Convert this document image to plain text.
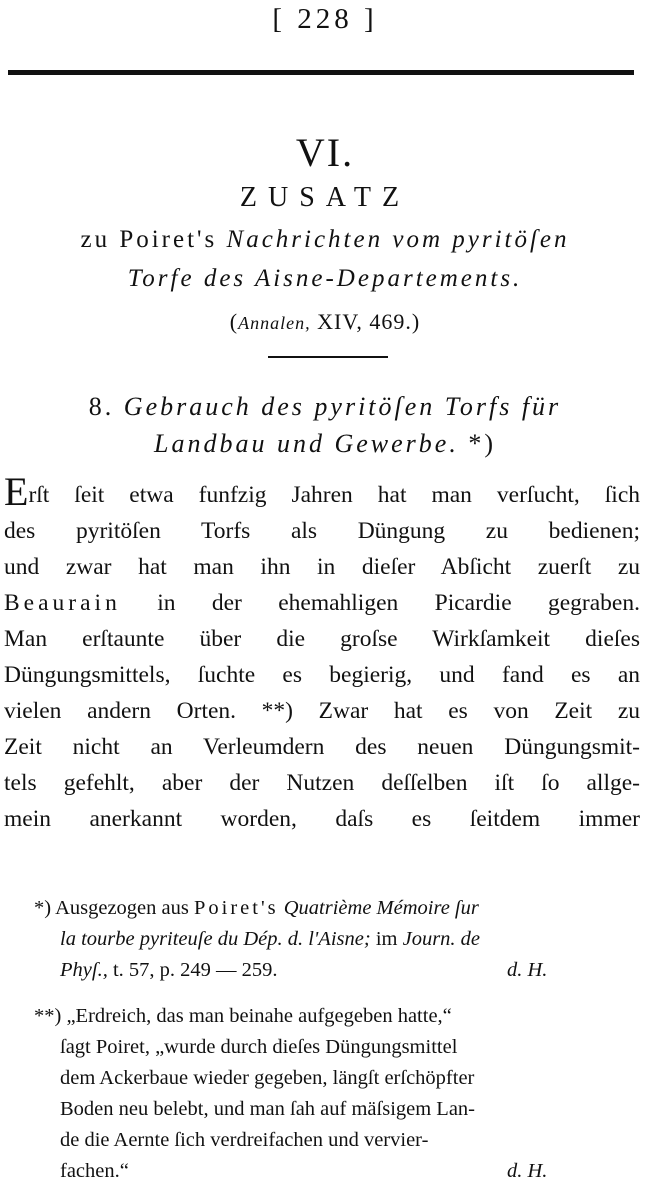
[ 228 ]
VI.
ZUSATZ
zu Poiret's Nachrichten vom pyritöſen
Torfe des Aisne-Departements.
(Annalen, XIV, 469.)
8. Gebrauch des pyritöſen Torfs für
Landbau und Gewerbe. *)
Erſt ſeit etwa funfzig Jahren hat man verſucht, ſich
des pyritöſen Torfs als Düngung zu bedienen;
und zwar hat man ihn in dieſer Abſicht zuerſt zu
Beaurain in der ehemahligen Picardie gegraben.
Man erſtaunte über die groſse Wirkſamkeit dieſes
Düngungsmittels, ſuchte es begierig, und fand es an
vielen andern Orten. **) Zwar hat es von Zeit zu
Zeit nicht an Verleumdern des neuen Düngungsmit-
tels gefehlt, aber der Nutzen deſſelben iſt ſo allge-
mein anerkannt worden, daſs es ſeitdem immer
*) Ausgezogen aus Poiret's Quatrième Mémoire ſur
la tourbe pyriteuſe du Dép. d. l'Aisne; im Journ. de
Phyſ., t. 57, p. 249 — 259.	d. H.
**) „Erdreich, das man beinahe aufgegeben hatte,“
ſagt Poiret, „wurde durch dieſes Düngungsmittel
dem Ackerbaue wieder gegeben, längſt erſchöpfter
Boden neu belebt, und man ſah auf mäſsigem Lan-
de die Aernte ſich verdreifachen und vervier-
fachen.“	d. H.
